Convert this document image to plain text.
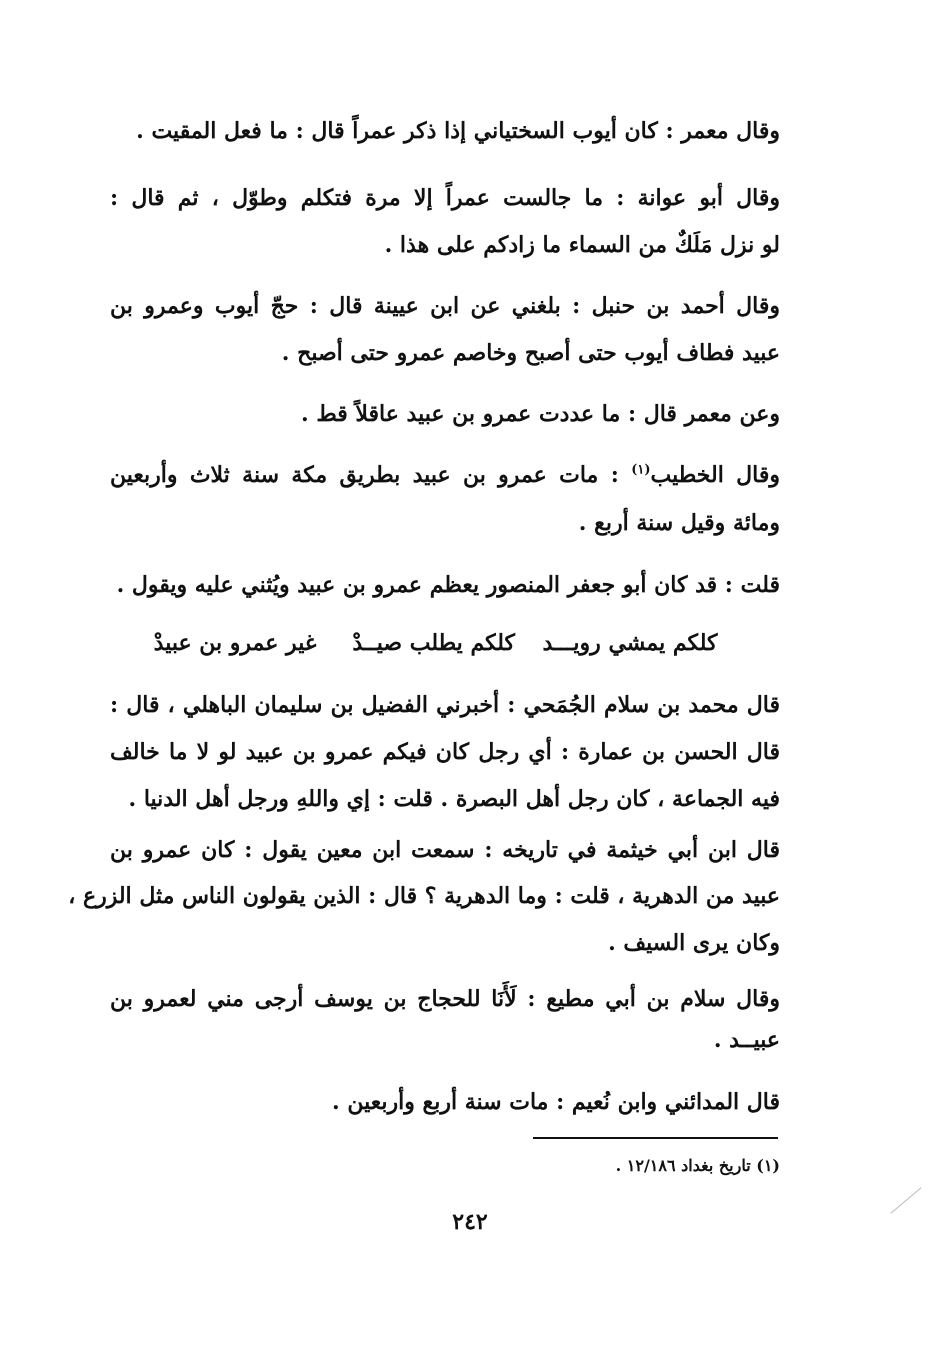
وقال معمر : كان أيوب السختياني إذا ذكر عمراً قال : ما فعل المقيت .
وقال أبو عوانة : ما جالست عمراً إلا مرة فتكلم وطوّل ، ثم قال :
لو نزل مَلَكٌ من السماء ما زادكم على هذا .
وقال أحمد بن حنبل : بلغني عن ابن عيينة قال : حجّ أيوب وعمرو بن
عبيد فطاف أيوب حتى أصبح وخاصم عمرو حتى أصبح .
وعن معمر قال : ما عددت عمرو بن عبيد عاقلاً قط .
وقال الخطيب$^{(١)}$ : مات عمرو بن عبيد بطريق مكة سنة ثلاث وأربعين
ومائة وقيل سنة أربع .
قلت : قد كان أبو جعفر المنصور يعظم عمرو بن عبيد ويُثني عليه ويقول .
كلكم يمشي رويـــد
كلكم يطلب صيــدْ
غير عمرو بن عبيدْ
قال محمد بن سلام الجُمَحي : أخبرني الفضيل بن سليمان الباهلي ، قال :
قال الحسن بن عمارة : أي رجل كان فيكم عمرو بن عبيد لو لا ما خالف
فيه الجماعة ، كان رجل أهل البصرة . قلت : إي واللهِ ورجل أهل الدنيا .
قال ابن أبي خيثمة في تاريخه : سمعت ابن معين يقول : كان عمرو بن
عبيد من الدهرية ، قلت : وما الدهرية ؟ قال : الذين يقولون الناس مثل الزرع ،
وكان يرى السيف .
وقال سلام بن أبي مطيع : لَأَنَا للحجاج بن يوسف أرجى مني لعمرو بن
عبيــد .
قال المدائني وابن نُعيم : مات سنة أربع وأربعين .
(١) تاريخ بغداد ١٢/١٨٦ .
٢٤٢
